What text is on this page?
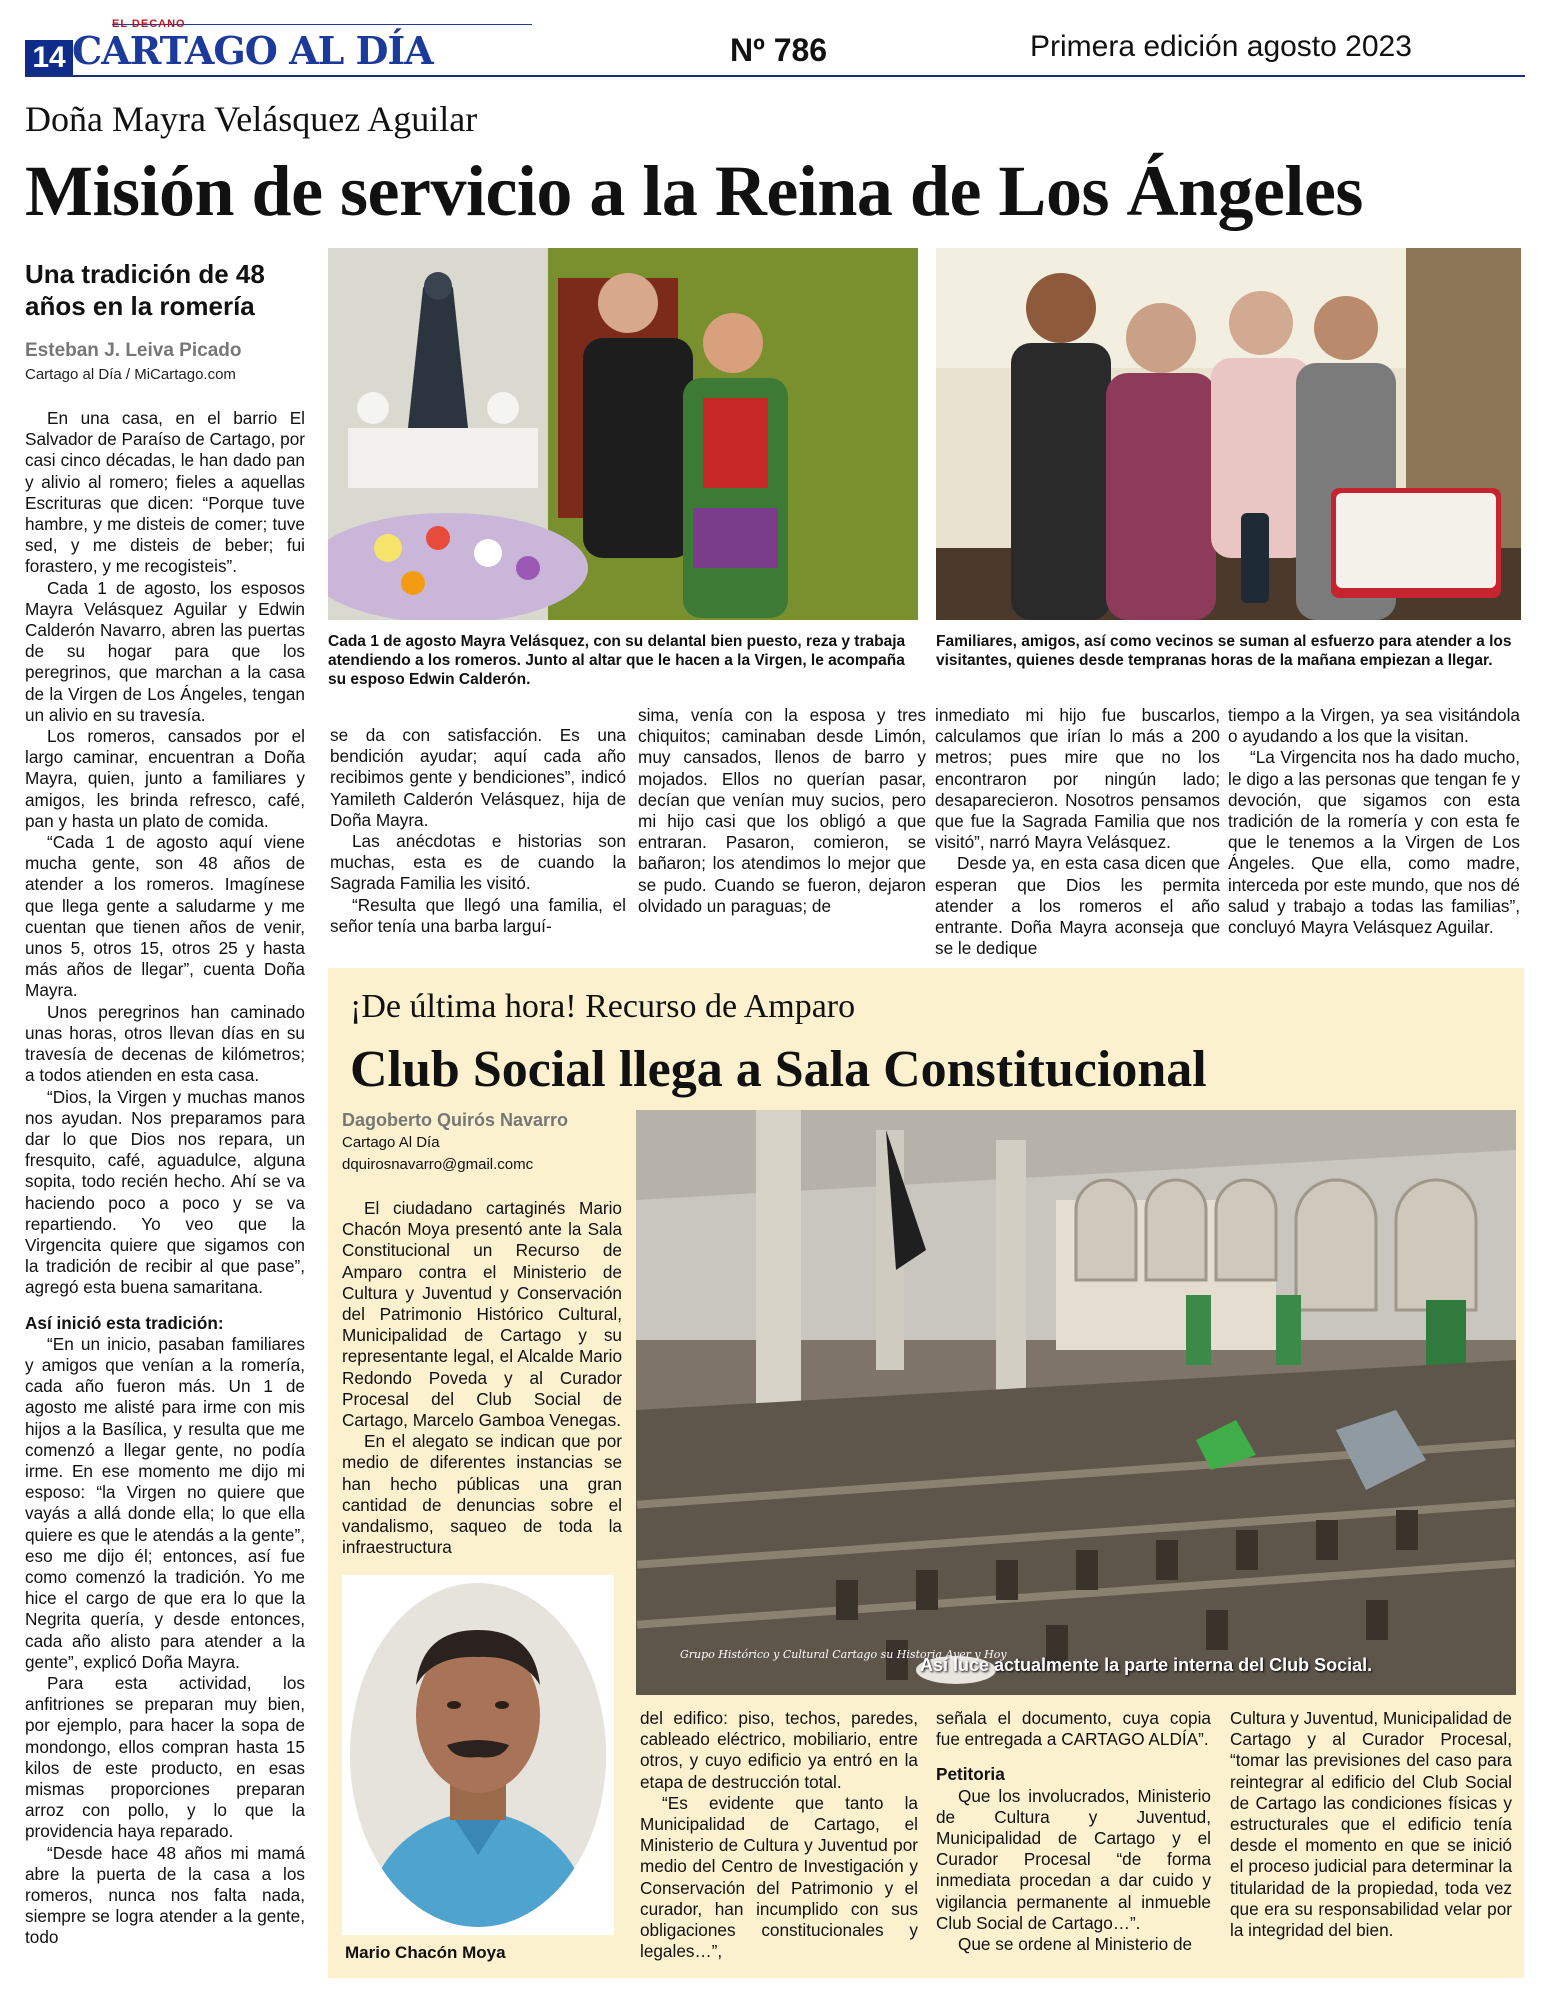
14
EL DECANO
CARTAGO AL DÍA	Nº 786	Primera edición agosto 2023
Doña Mayra Velásquez Aguilar
Misión de servicio a la Reina de Los Ángeles
Una tradición de 48 años en la romería
Esteban J. Leiva Picado
Cartago al Día / MiCartago.com

En una casa, en el barrio El Salvador de Paraíso de Cartago, por casi cinco décadas, le han dado pan y alivio al romero; fieles a aquellas Escrituras que dicen: “Porque tuve hambre, y me disteis de comer; tuve sed, y me disteis de beber; fui forastero, y me recogisteis”.

Cada 1 de agosto, los esposos Mayra Velásquez Aguilar y Edwin Calderón Navarro, abren las puertas de su hogar para que los peregrinos, que marchan a la casa de la Virgen de Los Ángeles, tengan un alivio en su travesía.

Los romeros, cansados por el largo caminar, encuentran a Doña Mayra, quien, junto a familiares y amigos, les brinda refresco, café, pan y hasta un plato de comida.

“Cada 1 de agosto aquí viene mucha gente, son 48 años de atender a los romeros. Imagínese que llega gente a saludarme y me cuentan que tienen años de venir, unos 5, otros 15, otros 25 y hasta más años de llegar”, cuenta Doña Mayra.

Unos peregrinos han caminado unas horas, otros llevan días en su travesía de decenas de kilómetros; a todos atienden en esta casa.

“Dios, la Virgen y muchas manos nos ayudan. Nos preparamos para dar lo que Dios nos repara, un fresquito, café, aguadulce, alguna sopita, todo recién hecho. Ahí se va haciendo poco a poco y se va repartiendo. Yo veo que la Virgencita quiere que sigamos con la tradición de recibir al que pase”, agregó esta buena samaritana.

Así inició esta tradición:

“En un inicio, pasaban familiares y amigos que venían a la romería, cada año fueron más. Un 1 de agosto me alisté para irme con mis hijos a la Basílica, y resulta que me comenzó a llegar gente, no podía irme. En ese momento me dijo mi esposo: “la Virgen no quiere que vayás a allá donde ella; lo que ella quiere es que le atendás a la gente”, eso me dijo él; entonces, así fue como comenzó la tradición. Yo me hice el cargo de que era lo que la Negrita quería, y desde entonces, cada año alisto para atender a la gente”, explicó Doña Mayra.

Para esta actividad, los anfitriones se preparan muy bien, por ejemplo, para hacer la sopa de mondongo, ellos compran hasta 15 kilos de este producto, en esas mismas proporciones preparan arroz con pollo, y lo que la providencia haya reparado.

“Desde hace 48 años mi mamá abre la puerta de la casa a los romeros, nunca nos falta nada, siempre se logra atender a la gente, todo

Cada 1 de agosto Mayra Velásquez, con su delantal bien puesto, reza y trabaja atendiendo a los romeros. Junto al altar que le hacen a la Virgen, le acompaña su esposo Edwin Calderón.
Familiares, amigos, así como vecinos se suman al esfuerzo para atender a los visitantes, quienes desde tempranas horas de la mañana empiezan a llegar.

se da con satisfacción. Es una bendición ayudar; aquí cada año recibimos gente y bendiciones”, indicó Yamileth Calderón Velásquez, hija de Doña Mayra.

Las anécdotas e historias son muchas, esta es de cuando la Sagrada Familia les visitó.

“Resulta que llegó una familia, el señor tenía una barba larguí-

sima, venía con la esposa y tres chiquitos; caminaban desde Limón, muy cansados, llenos de barro y mojados. Ellos no querían pasar, decían que venían muy sucios, pero mi hijo casi que los obligó a que entraran. Pasaron, comieron, se bañaron; los atendimos lo mejor que se pudo. Cuando se fueron, dejaron olvidado un paraguas; de

inmediato mi hijo fue buscarlos, calculamos que irían lo más a 200 metros; pues mire que no los encontraron por ningún lado; desaparecieron. Nosotros pensamos que fue la Sagrada Familia que nos visitó”, narró Mayra Velásquez.

Desde ya, en esta casa dicen que esperan que Dios les permita atender a los romeros el año entrante. Doña Mayra aconseja que se le dedique

tiempo a la Virgen, ya sea visitándola o ayudando a los que la visitan.

“La Virgencita nos ha dado mucho, le digo a las personas que tengan fe y devoción, que sigamos con esta tradición de la romería y con esta fe que le tenemos a la Virgen de Los Ángeles. Que ella, como madre, interceda por este mundo, que nos dé salud y trabajo a todas las familias”, concluyó Mayra Velásquez Aguilar.

¡De última hora! Recurso de Amparo
Club Social llega a Sala Constitucional
Dagoberto Quirós Navarro
Cartago Al Día
dquirosnavarro@gmail.comc

El ciudadano cartaginés Mario Chacón Moya presentó ante la Sala Constitucional un Recurso de Amparo contra el Ministerio de Cultura y Juventud y Conservación del Patrimonio Histórico Cultural, Municipalidad de Cartago y su representante legal, el Alcalde Mario Redondo Poveda y al Curador Procesal del Club Social de Cartago, Marcelo Gamboa Venegas.

En el alegato se indican que por medio de diferentes instancias se han hecho públicas una gran cantidad de denuncias sobre el vandalismo, saqueo de toda la infraestructura

Grupo Histórico y Cultural Cartago su Historia Ayer y Hoy
Así luce actualmente la parte interna del Club Social.
Mario Chacón Moya

del edifico: piso, techos, paredes, cableado eléctrico, mobiliario, entre otros, y cuyo edificio ya entró en la etapa de destrucción total.

“Es evidente que tanto la Municipalidad de Cartago, el Ministerio de Cultura y Juventud por medio del Centro de Investigación y Conservación del Patrimonio y el curador, han incumplido con sus obligaciones constitucionales y legales…”,

señala el documento, cuya copia fue entregada a CARTAGO ALDÍA”.

Petitoria

Que los involucrados, Ministerio de Cultura y Juventud, Municipalidad de Cartago y el Curador Procesal “de forma inmediata procedan a dar cuido y vigilancia permanente al inmueble Club Social de Cartago…”.

Que se ordene al Ministerio de

Cultura y Juventud, Municipalidad de Cartago y al Curador Procesal, “tomar las previsiones del caso para reintegrar al edificio del Club Social de Cartago las condiciones físicas y estructurales que el edificio tenía desde el momento en que se inició el proceso judicial para determinar la titularidad de la propiedad, toda vez que era su responsabilidad velar por la integridad del bien.
